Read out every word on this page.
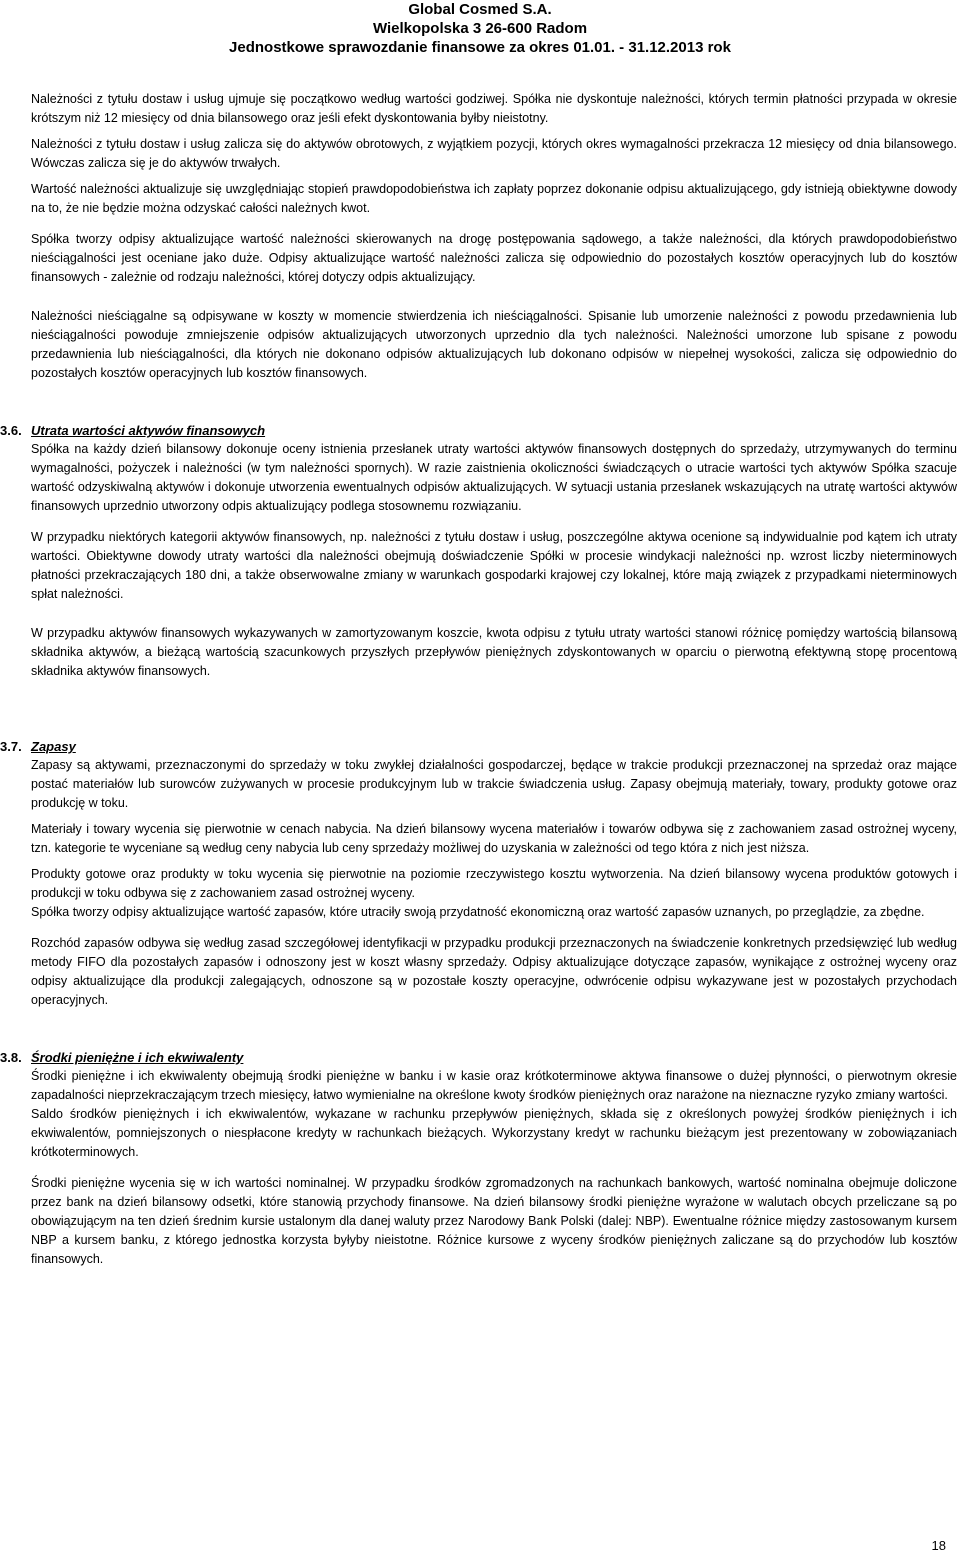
Global Cosmed S.A.
Wielkopolska 3 26-600 Radom
Jednostkowe sprawozdanie finansowe za okres 01.01. - 31.12.2013 rok

Należności z tytułu dostaw i usług ujmuje się początkowo według wartości godziwej. Spółka nie dyskontuje należności, których termin płatności przypada w okresie krótszym niż 12 miesięcy od dnia bilansowego oraz jeśli efekt dyskontowania byłby nieistotny.

Należności z tytułu dostaw i usług zalicza się do aktywów obrotowych, z wyjątkiem pozycji, których okres wymagalności przekracza 12 miesięcy od dnia bilansowego. Wówczas zalicza się je do aktywów trwałych.

Wartość należności aktualizuje się uwzględniając stopień prawdopodobieństwa ich zapłaty poprzez dokonanie odpisu aktualizującego, gdy istnieją obiektywne dowody na to, że nie będzie można odzyskać całości należnych kwot.

Spółka tworzy odpisy aktualizujące wartość należności skierowanych na drogę postępowania sądowego, a także należności, dla których prawdopodobieństwo nieściągalności jest oceniane jako duże. Odpisy aktualizujące wartość należności zalicza się odpowiednio do pozostałych kosztów operacyjnych lub do kosztów finansowych - zależnie od rodzaju należności, której dotyczy odpis aktualizujący.

Należności nieściągalne są odpisywane w koszty w momencie stwierdzenia ich nieściągalności. Spisanie lub umorzenie należności z powodu przedawnienia lub nieściągalności powoduje zmniejszenie odpisów aktualizujących utworzonych uprzednio dla tych należności. Należności umorzone lub spisane z powodu przedawnienia lub nieściągalności, dla których nie dokonano odpisów aktualizujących lub dokonano odpisów w niepełnej wysokości, zalicza się odpowiednio do pozostałych kosztów operacyjnych lub kosztów finansowych.

3.6. Utrata wartości aktywów finansowych

Spółka na każdy dzień bilansowy dokonuje oceny istnienia przesłanek utraty wartości aktywów finansowych dostępnych do sprzedaży, utrzymywanych do terminu wymagalności, pożyczek i należności (w tym należności spornych). W razie zaistnienia okoliczności świadczących o utracie wartości tych aktywów Spółka szacuje wartość odzyskiwalną aktywów i dokonuje utworzenia ewentualnych odpisów aktualizujących. W sytuacji ustania przesłanek wskazujących na utratę wartości aktywów finansowych uprzednio utworzony odpis aktualizujący podlega stosownemu rozwiązaniu.

W przypadku niektórych kategorii aktywów finansowych, np. należności z tytułu dostaw i usług, poszczególne aktywa ocenione są indywidualnie pod kątem ich utraty wartości. Obiektywne dowody utraty wartości dla należności obejmują doświadczenie Spółki w procesie windykacji należności np. wzrost liczby nieterminowych płatności przekraczających 180 dni, a także obserwowalne zmiany w warunkach gospodarki krajowej czy lokalnej, które mają związek z przypadkami nieterminowych spłat należności.

W przypadku aktywów finansowych wykazywanych w zamortyzowanym koszcie, kwota odpisu z tytułu utraty wartości stanowi różnicę pomiędzy wartością bilansową składnika aktywów, a bieżącą wartością szacunkowych przyszłych przepływów pieniężnych zdyskontowanych w oparciu o pierwotną efektywną stopę procentową składnika aktywów finansowych.

3.7. Zapasy

Zapasy są aktywami, przeznaczonymi do sprzedaży w toku zwykłej działalności gospodarczej, będące w trakcie produkcji przeznaczonej na sprzedaż oraz mające postać materiałów lub surowców zużywanych w procesie produkcyjnym lub w trakcie świadczenia usług. Zapasy obejmują materiały, towary, produkty gotowe oraz produkcję w toku.

Materiały i towary wycenia się pierwotnie w cenach nabycia. Na dzień bilansowy wycena materiałów i towarów odbywa się z zachowaniem zasad ostrożnej wyceny, tzn. kategorie te wyceniane są według ceny nabycia lub ceny sprzedaży możliwej do uzyskania w zależności od tego która z nich jest niższa.

Produkty gotowe oraz produkty w toku wycenia się pierwotnie na poziomie rzeczywistego kosztu wytworzenia. Na dzień bilansowy wycena produktów gotowych i produkcji w toku odbywa się z zachowaniem zasad ostrożnej wyceny.

Spółka tworzy odpisy aktualizujące wartość zapasów, które utraciły swoją przydatność ekonomiczną oraz wartość zapasów uznanych, po przeglądzie, za zbędne.

Rozchód zapasów odbywa się według zasad szczegółowej identyfikacji w przypadku produkcji przeznaczonych na świadczenie konkretnych przedsięwzięć lub według metody FIFO dla pozostałych zapasów i odnoszony jest w koszt własny sprzedaży. Odpisy aktualizujące dotyczące zapasów, wynikające z ostrożnej wyceny oraz odpisy aktualizujące dla produkcji zalegających, odnoszone są w pozostałe koszty operacyjne, odwrócenie odpisu wykazywane jest w pozostałych przychodach operacyjnych.

3.8. Środki pieniężne i ich ekwiwalenty

Środki pieniężne i ich ekwiwalenty obejmują środki pieniężne w banku i w kasie oraz krótkoterminowe aktywa finansowe o dużej płynności, o pierwotnym okresie zapadalności nieprzekraczającym trzech miesięcy, łatwo wymienialne na określone kwoty środków pieniężnych oraz narażone na nieznaczne ryzyko zmiany wartości.

Saldo środków pieniężnych i ich ekwiwalentów, wykazane w rachunku przepływów pieniężnych, składa się z określonych powyżej środków pieniężnych i ich ekwiwalentów, pomniejszonych o niespłacone kredyty w rachunkach bieżących. Wykorzystany kredyt w rachunku bieżącym jest prezentowany w zobowiązaniach krótkoterminowych.

Środki pieniężne wycenia się w ich wartości nominalnej. W przypadku środków zgromadzonych na rachunkach bankowych, wartość nominalna obejmuje doliczone przez bank na dzień bilansowy odsetki, które stanowią przychody finansowe. Na dzień bilansowy środki pieniężne wyrażone w walutach obcych przeliczane są po obowiązującym na ten dzień średnim kursie ustalonym dla danej waluty przez Narodowy Bank Polski (dalej: NBP). Ewentualne różnice między zastosowanym kursem NBP a kursem banku, z którego jednostka korzysta byłyby nieistotne. Różnice kursowe z wyceny środków pieniężnych zaliczane są do przychodów lub kosztów finansowych.

18
